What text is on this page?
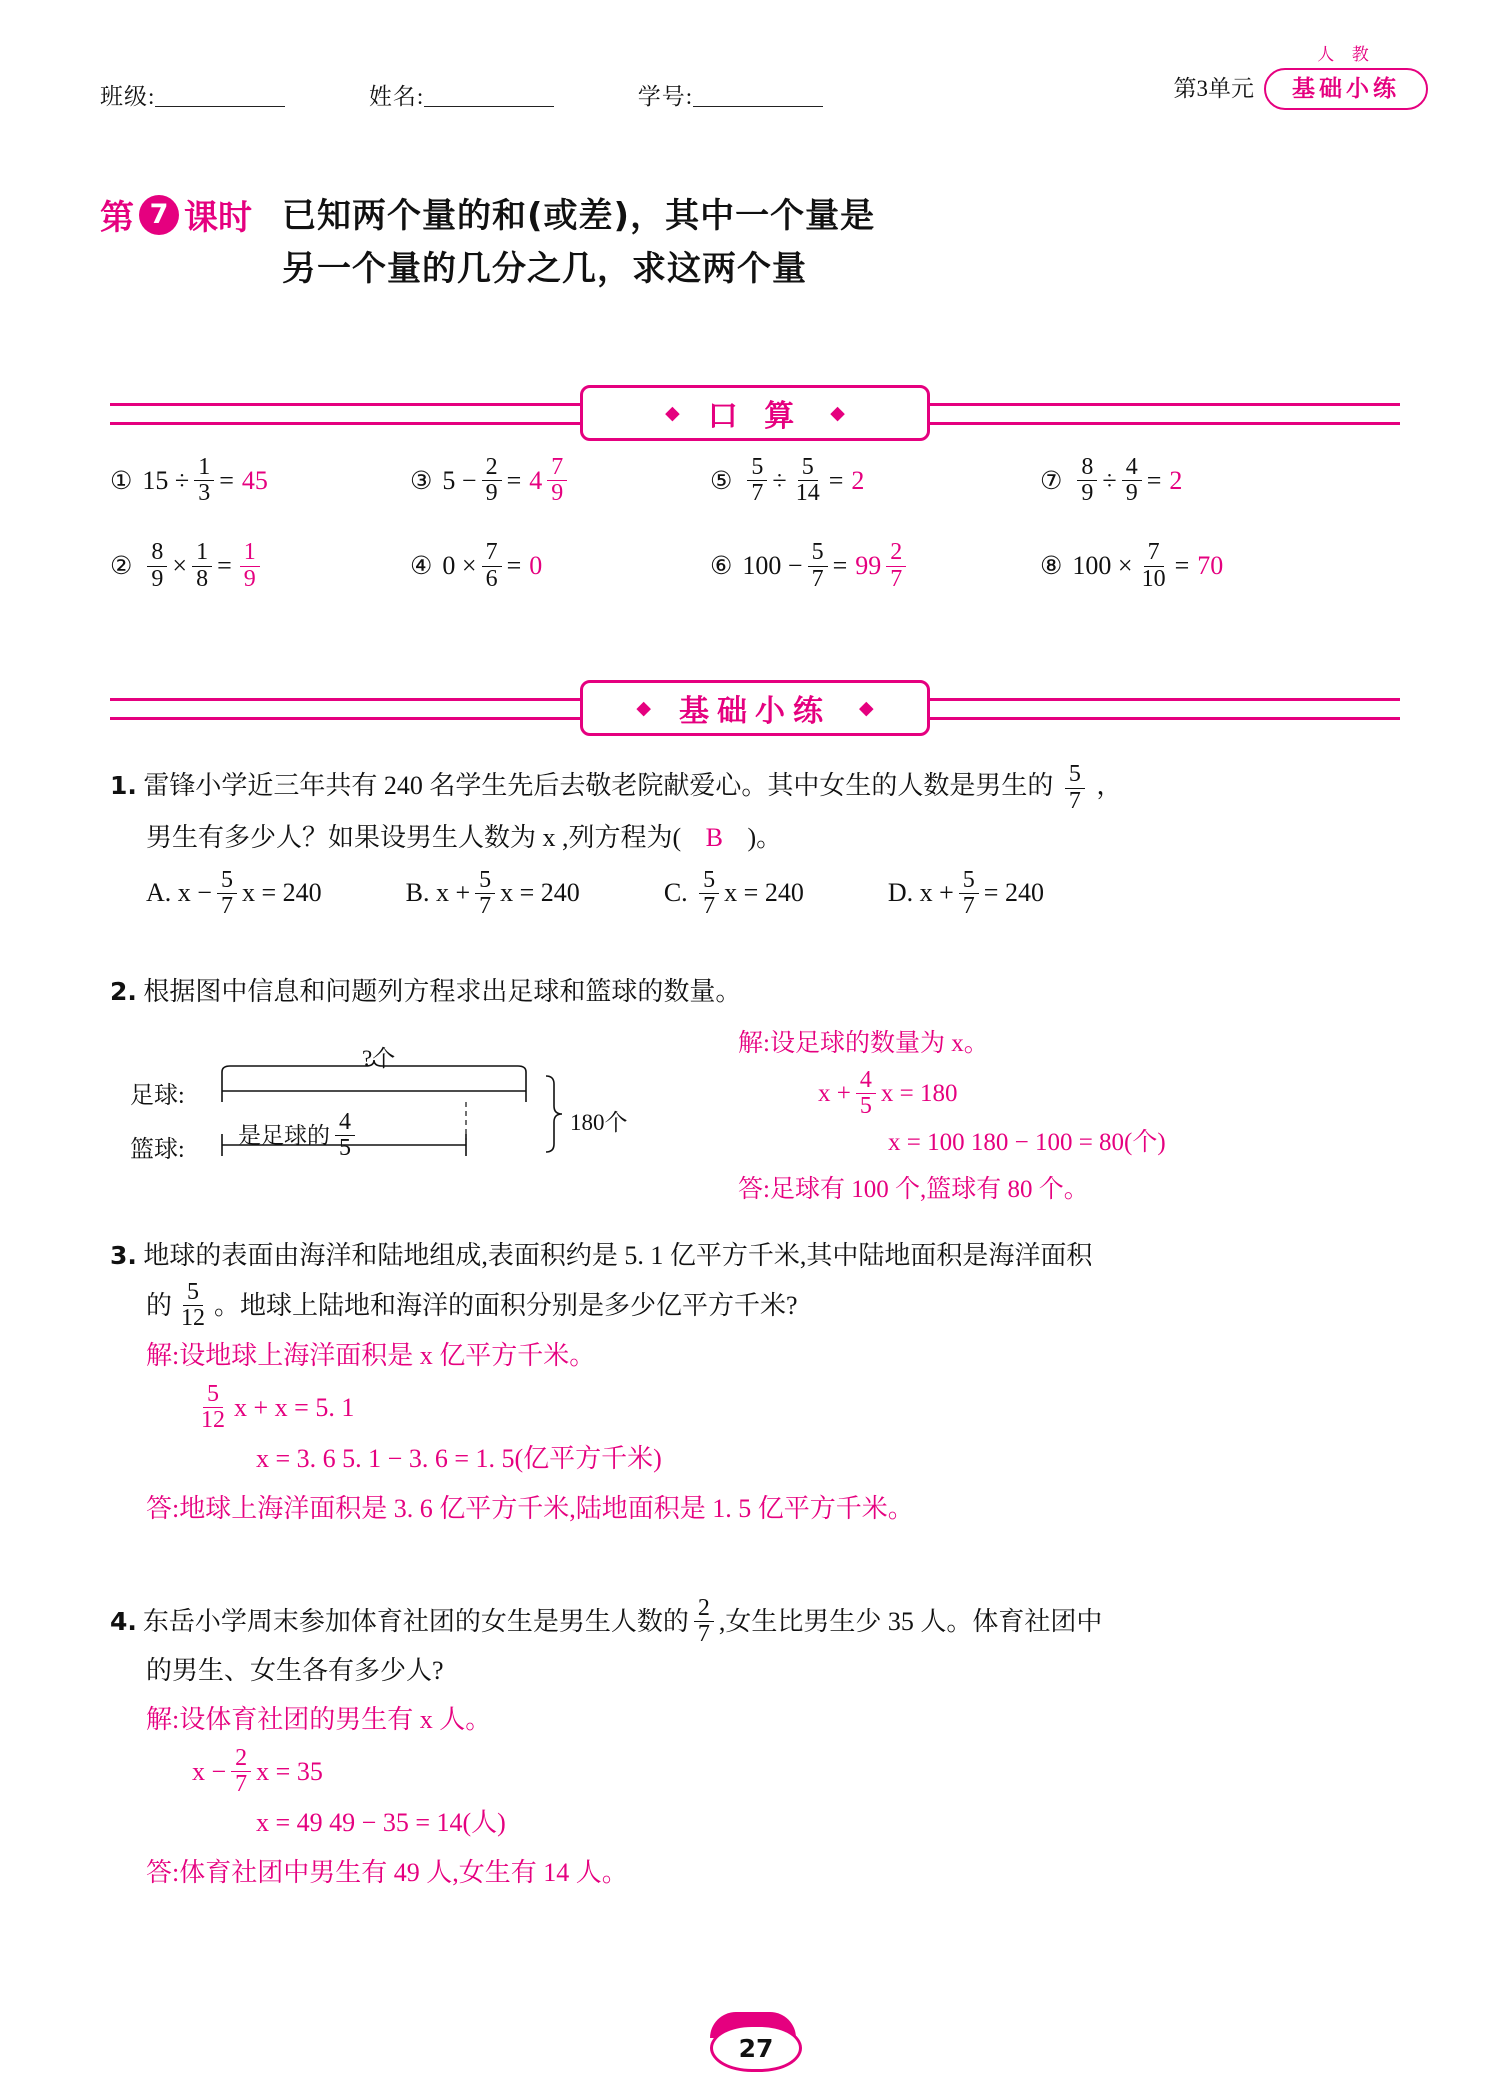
班级:	姓名:	学号:	第3单元
人 教
基础小练
第 7 课时 已知两个量的和(或差)，其中一个量是
另一个量的几分之几，求这两个量
◆ 口 算 ◆
① $15 \div \frac{1}{3} = 45$	③ $5 - \frac{2}{9} = 4 \frac{7}{9}$	⑤ $\frac{5}{7} \div \frac{5}{14} = 2$	⑦ $\frac{8}{9} \div \frac{4}{9} = 2$
② $\frac{8}{9} \times \frac{1}{8} = \frac{1}{9}$	④ $0 \times \frac{7}{6} = 0$	⑥ $100 - \frac{5}{7} = 99 \frac{2}{7}$	⑧ $100 \times \frac{7}{10} = 70$
◆ 基础小练 ◆
1. 雷锋小学近三年共有 240 名学生先后去敬老院献爱心。其中女生的人数是男生的 $\frac{5}{7}$ ，
男生有多少人？如果设男生人数为 x ,列方程为( B )。
A.
$x - \frac{5}{7}$ x = 240	B.
$x + \frac{5}{7}$ x = 240	C.
$\frac{5}{7}$ x = 240	D.
$x + \frac{5}{7} = 240$
2. 根据图中信息和问题列方程求出足球和篮球的数量。
?个
足球:
篮球:
是足球的 $\frac{4}{5}$	180个
解:设足球的数量为 x。
$x + \frac{4}{5}$ x = 180
x = 100 180 − 100 = 80(个)
答:足球有 100 个,篮球有 80 个。
3. 地球的表面由海洋和陆地组成,表面积约是 5. 1 亿平方千米,其中陆地面积是海洋面积
的 $\frac{5}{12}$ 。地球上陆地和海洋的面积分别是多少亿平方千米?
解:设地球上海洋面积是 x 亿平方千米。
$\frac{5}{12}$ x + x = 5. 1
x = 3. 6 5. 1 − 3. 6 = 1. 5(亿平方千米)
答:地球上海洋面积是 3. 6 亿平方千米,陆地面积是 1. 5 亿平方千米。
4. 东岳小学周末参加体育社团的女生是男生人数的 $\frac{2}{7}$ ,女生比男生少 35 人。体育社团中
的男生、女生各有多少人?
解:设体育社团的男生有 x 人。
$x - \frac{2}{7}$ x = 35
x = 49 49 − 35 = 14(人)
答:体育社团中男生有 49 人,女生有 14 人。
27
